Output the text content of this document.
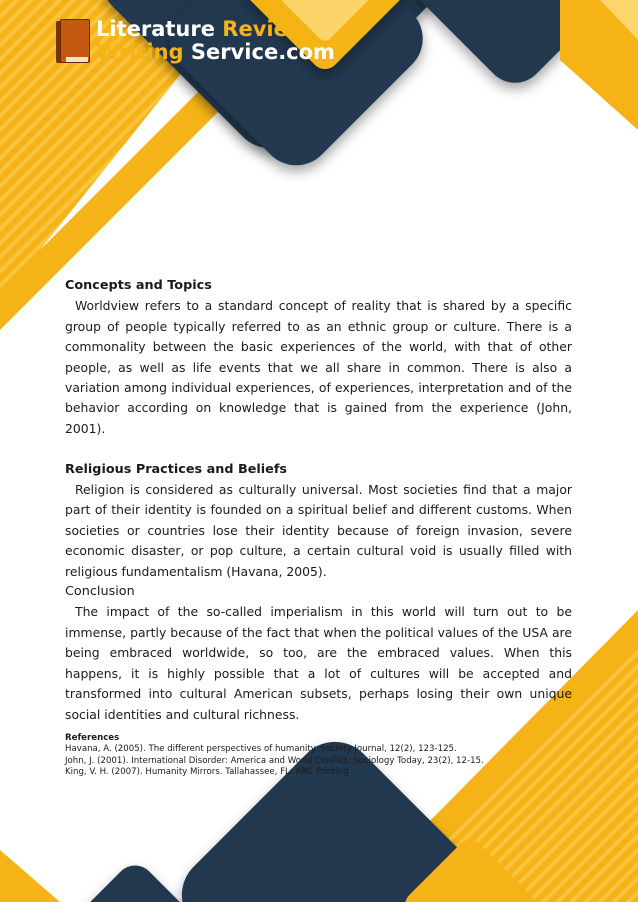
Literature Review
Writing Service.com
Concepts and Topics

Worldview refers to a standard concept of reality that is shared by a specific group of people typically referred to as an ethnic group or culture. There is a commonality between the basic experiences of the world, with that of other people, as well as life events that we all share in common. There is also a variation among individual experiences, of experiences, interpretation and of the behavior according on knowledge that is gained from the experience (John, 2001).

Religious Practices and Beliefs

Religion is considered as culturally universal. Most societies find that a major part of their identity is founded on a spiritual belief and different customs. When societies or countries lose their identity because of foreign invasion, severe economic disaster, or pop culture, a certain cultural void is usually filled with religious fundamentalism (Havana, 2005).

Conclusion

The impact of the so-called imperialism in this world will turn out to be immense, partly because of the fact that when the political values of the USA are being embraced worldwide, so too, are the embraced values. When this happens, it is highly possible that a lot of cultures will be accepted and transformed into cultural American subsets, perhaps losing their own unique social identities and cultural richness.

References
Havana, A. (2005). The different perspectives of humanity. Society Journal, 12(2), 123-125.
John, J. (2001). International Disorder: America and World Conflict. Sociology Today, 23(2), 12-15.
King, V. H. (2007). Humanity Mirrors. Tallahassee, FL: ABC Printing
